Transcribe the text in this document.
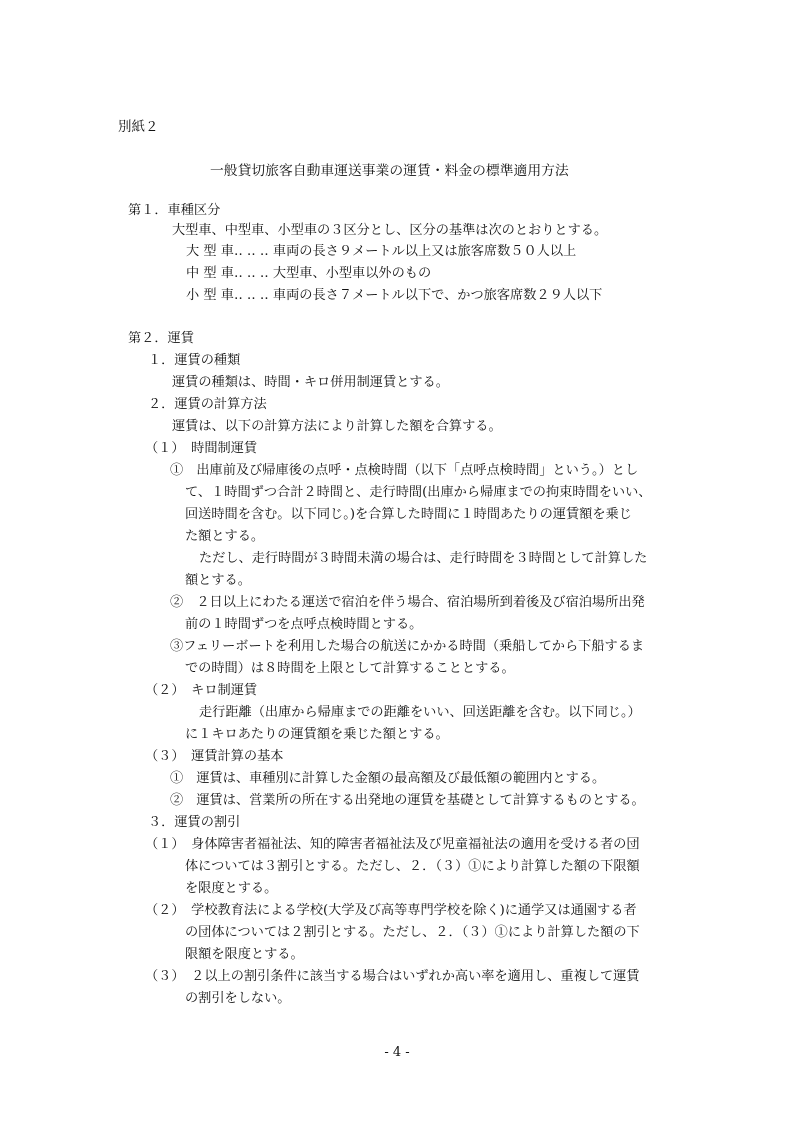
別紙２
一般貸切旅客自動車運送事業の運賃・料金の標準適用方法
第１．車種区分
大型車、中型車、小型車の３区分とし、区分の基準は次のとおりとする。
大 型 車‥ ‥ ‥ 車両の長さ９メートル以上又は旅客席数５０人以上
中 型 車‥ ‥ ‥ 大型車、小型車以外のもの
小 型 車‥ ‥ ‥ 車両の長さ７メートル以下で、かつ旅客席数２９人以下
第２．運賃
１．運賃の種類
運賃の種類は、時間・キロ併用制運賃とする。
２．運賃の計算方法
運賃は、以下の計算方法により計算した額を合算する。
（１）　時間制運賃
①　出庫前及び帰庫後の点呼・点検時間（以下「点呼点検時間」という。）とし
て、１時間ずつ合計２時間と、走行時間(出庫から帰庫までの拘束時間をいい、
回送時間を含む。以下同じ。)を合算した時間に１時間あたりの運賃額を乗じ
た額とする。
ただし、走行時間が３時間未満の場合は、走行時間を３時間として計算した
額とする。
②　２日以上にわたる運送で宿泊を伴う場合、宿泊場所到着後及び宿泊場所出発
前の１時間ずつを点呼点検時間とする。
③フェリーボートを利用した場合の航送にかかる時間（乗船してから下船するま
での時間）は８時間を上限として計算することとする。
（２）　キロ制運賃
走行距離（出庫から帰庫までの距離をいい、回送距離を含む。以下同じ。）
に１キロあたりの運賃額を乗じた額とする。
（３）　運賃計算の基本
①　運賃は、車種別に計算した金額の最高額及び最低額の範囲内とする。
②　運賃は、営業所の所在する出発地の運賃を基礎として計算するものとする。
３．運賃の割引
（１）　身体障害者福祉法、知的障害者福祉法及び児童福祉法の適用を受ける者の団
体については３割引とする。ただし、２．（３）①により計算した額の下限額
を限度とする。
（２）　学校教育法による学校(大学及び高等専門学校を除く)に通学又は通園する者
の団体については２割引とする。ただし、２．（３）①により計算した額の下
限額を限度とする。
（３）　２以上の割引条件に該当する場合はいずれか高い率を適用し、重複して運賃
の割引をしない。
- 4 -
